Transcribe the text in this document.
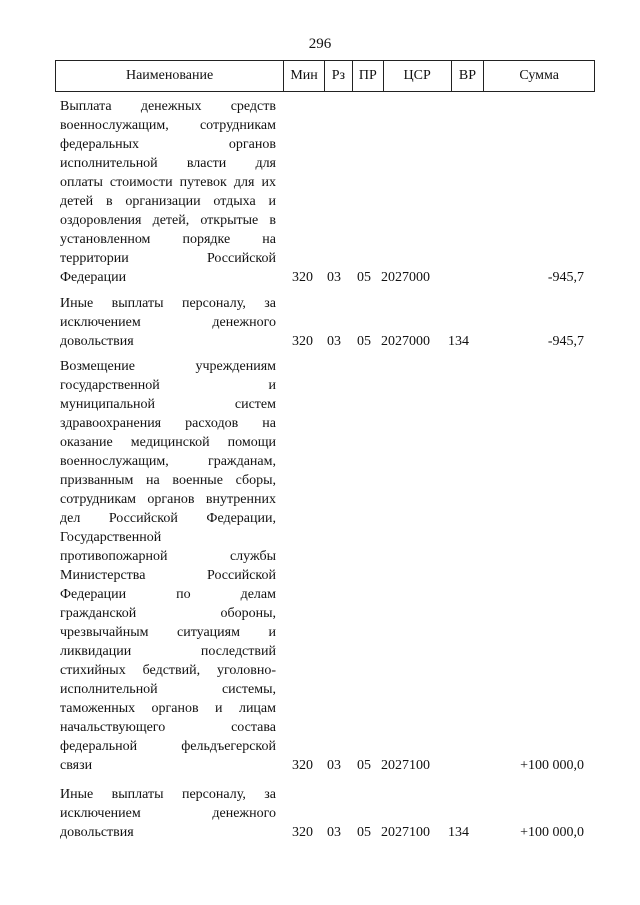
296
Наименование	Мин Рз ПР	ЦСР	ВР	Сумма
Выплата денежных средств
военнослужащим, сотрудникам
федеральных органов
исполнительной власти для
оплаты стоимости путевок для их
детей в организации отдыха и
оздоровления детей, открытые в
установленном порядке на
территории Российской
Федерации	320 03 05 2027000	-945,7
Иные выплаты персоналу, за
исключением денежного
довольствия	320 03 05 2027000 134	-945,7
Возмещение учреждениям
государственной и
муниципальной систем
здравоохранения расходов на
оказание медицинской помощи
военнослужащим, гражданам,
призванным на военные сборы,
сотрудникам органов внутренних
дел Российской Федерации,
Государственной
противопожарной службы
Министерства Российской
Федерации по делам
гражданской обороны,
чрезвычайным ситуациям и
ликвидации последствий
стихийных бедствий, уголовно-
исполнительной системы,
таможенных органов и лицам
начальствующего состава
федеральной фельдъегерской
связи	320 03 05 2027100	+100 000,0
Иные выплаты персоналу, за
исключением денежного
довольствия	320 03 05 2027100 134	+100 000,0
